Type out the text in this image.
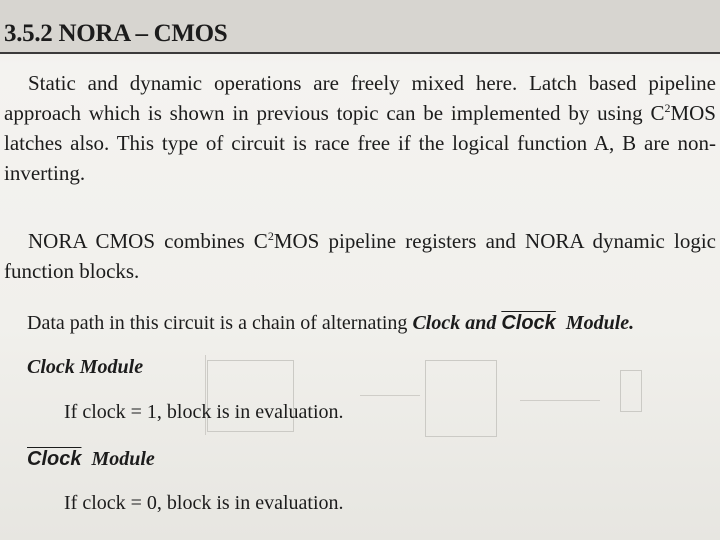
3.5.2 NORA – CMOS

Static and dynamic operations are freely mixed here. Latch based pipeline approach which is shown in previous topic can be implemented by using $C^2MOS$ latches also. This type of circuit is race free if the logical function A, B are non-inverting.

NORA CMOS combines $C^2MOS$ pipeline registers and NORA dynamic logic function blocks.

Data path in this circuit is a chain of alternating Clock and Clock Module.

Clock Module

If clock = 1, block is in evaluation.

Clock Module

If clock = 0, block is in evaluation.
